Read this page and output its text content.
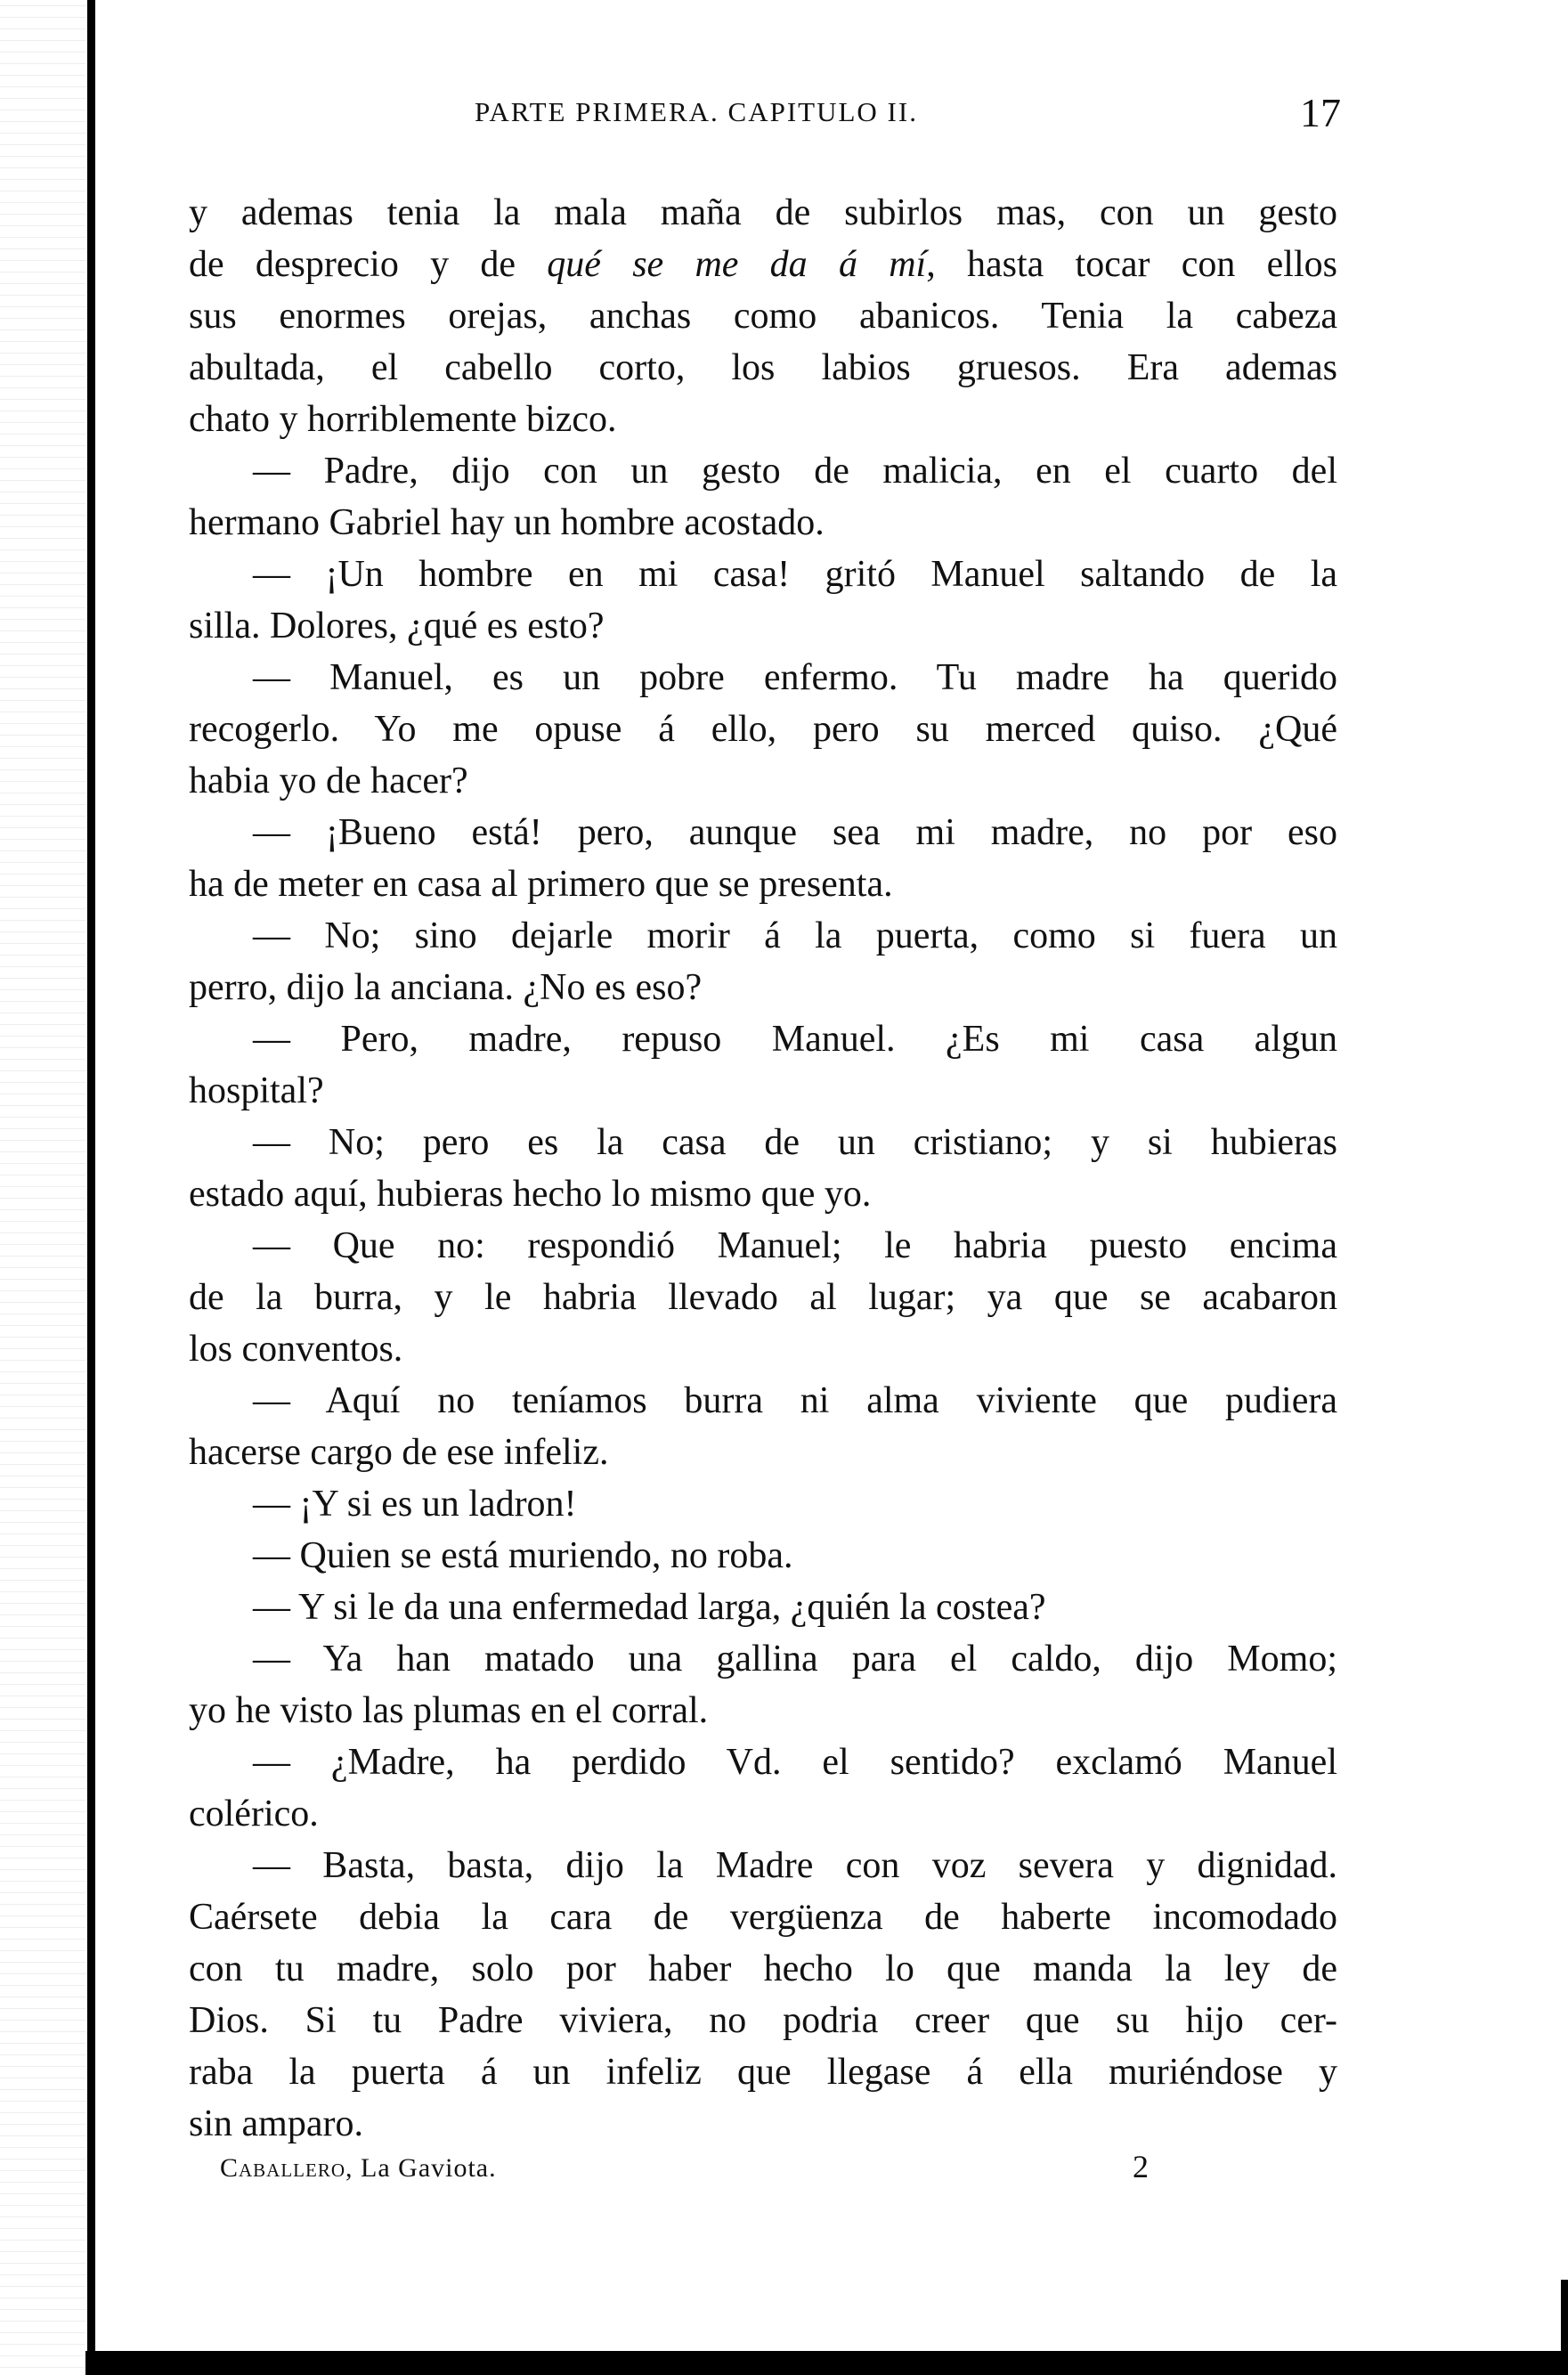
PARTE PRIMERA. CAPITULO II.	17
y ademas tenia la mala maña de subirlos mas, con un gesto
de desprecio y de qué se me da á mí, hasta tocar con ellos
sus enormes orejas, anchas como abanicos. Tenia la cabeza
abultada, el cabello corto, los labios gruesos. Era ademas
chato y horriblemente bizco.
— Padre, dijo con un gesto de malicia, en el cuarto del
hermano Gabriel hay un hombre acostado.
— ¡Un hombre en mi casa! gritó Manuel saltando de la
silla. Dolores, ¿qué es esto?
— Manuel, es un pobre enfermo. Tu madre ha querido
recogerlo. Yo me opuse á ello, pero su merced quiso. ¿Qué
habia yo de hacer?
— ¡Bueno está! pero, aunque sea mi madre, no por eso
ha de meter en casa al primero que se presenta.
— No; sino dejarle morir á la puerta, como si fuera un
perro, dijo la anciana. ¿No es eso?
— Pero, madre, repuso Manuel. ¿Es mi casa algun
hospital?
— No; pero es la casa de un cristiano; y si hubieras
estado aquí, hubieras hecho lo mismo que yo.
— Que no: respondió Manuel; le habria puesto encima
de la burra, y le habria llevado al lugar; ya que se acabaron
los conventos.
— Aquí no teníamos burra ni alma viviente que pudiera
hacerse cargo de ese infeliz.
— ¡Y si es un ladron!
— Quien se está muriendo, no roba.
— Y si le da una enfermedad larga, ¿quién la costea?
— Ya han matado una gallina para el caldo, dijo Momo;
yo he visto las plumas en el corral.
— ¿Madre, ha perdido Vd. el sentido? exclamó Manuel
colérico.
— Basta, basta, dijo la Madre con voz severa y dignidad.
Caérsete debia la cara de vergüenza de haberte incomodado
con tu madre, solo por haber hecho lo que manda la ley de
Dios. Si tu Padre viviera, no podria creer que su hijo cer-
raba la puerta á un infeliz que llegase á ella muriéndose y
sin amparo.
Caballero, La Gaviota.	2
